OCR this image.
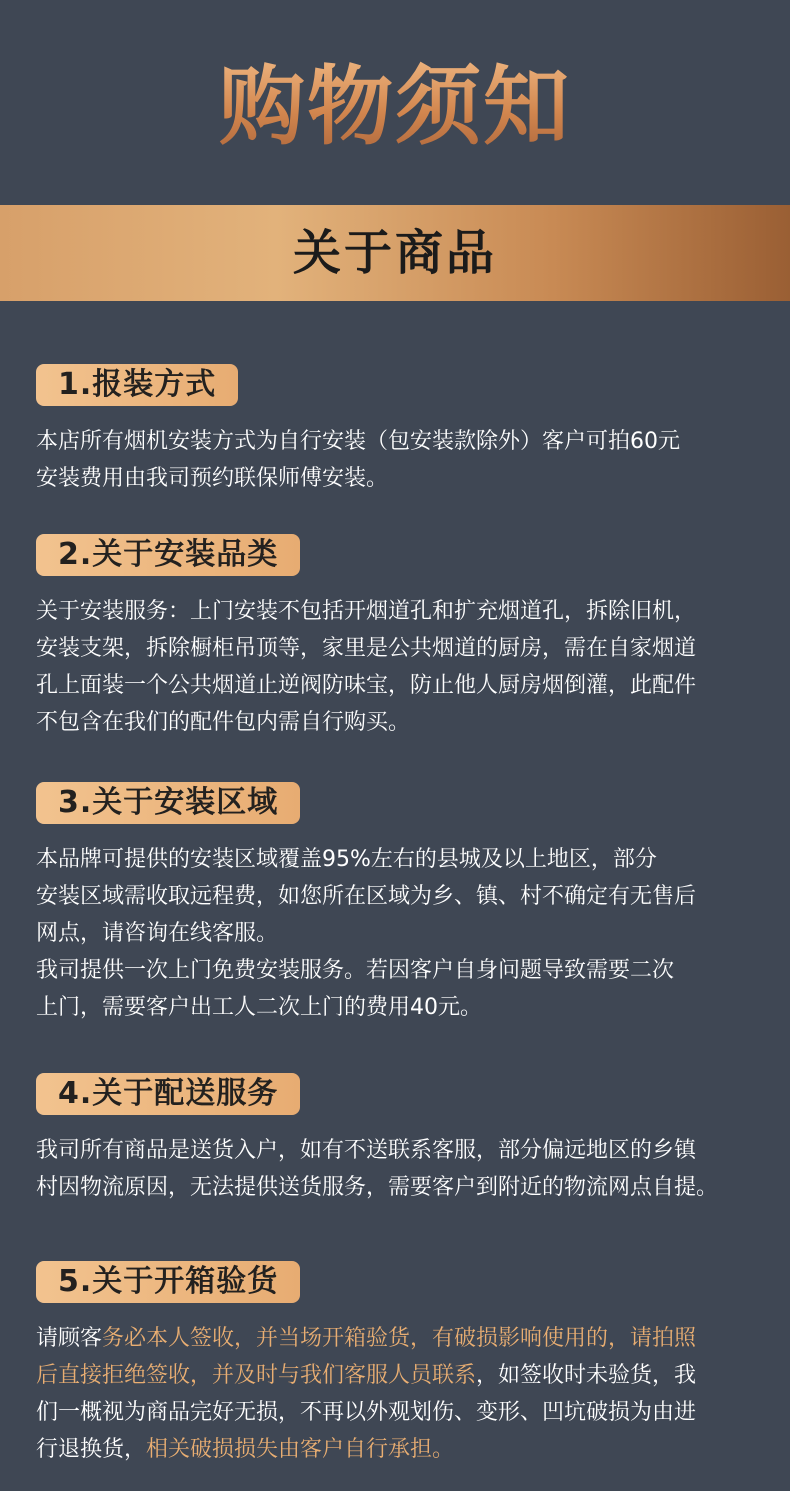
购物须知
关于商品
1.报装方式

本店所有烟机安装方式为自行安装（包安装款除外）客户可拍60元

安装费用由我司预约联保师傅安装。

2.关于安装品类

关于安装服务：上门安装不包括开烟道孔和扩充烟道孔，拆除旧机，

安装支架，拆除橱柜吊顶等，家里是公共烟道的厨房，需在自家烟道

孔上面装一个公共烟道止逆阀防味宝，防止他人厨房烟倒灌，此配件

不包含在我们的配件包内需自行购买。

3.关于安装区域

本品牌可提供的安装区域覆盖95%左右的县城及以上地区，部分

安装区域需收取远程费，如您所在区域为乡、镇、村不确定有无售后

网点，请咨询在线客服。

我司提供一次上门免费安装服务。若因客户自身问题导致需要二次

上门，需要客户出工人二次上门的费用40元。

4.关于配送服务

我司所有商品是送货入户，如有不送联系客服，部分偏远地区的乡镇

村因物流原因，无法提供送货服务，需要客户到附近的物流网点自提。

5.关于开箱验货

请顾客务必本人签收，并当场开箱验货，有破损影响使用的，请拍照

后直接拒绝签收，并及时与我们客服人员联系，如签收时未验货，我

们一概视为商品完好无损，不再以外观划伤、变形、凹坑破损为由进

行退换货，相关破损损失由客户自行承担。
